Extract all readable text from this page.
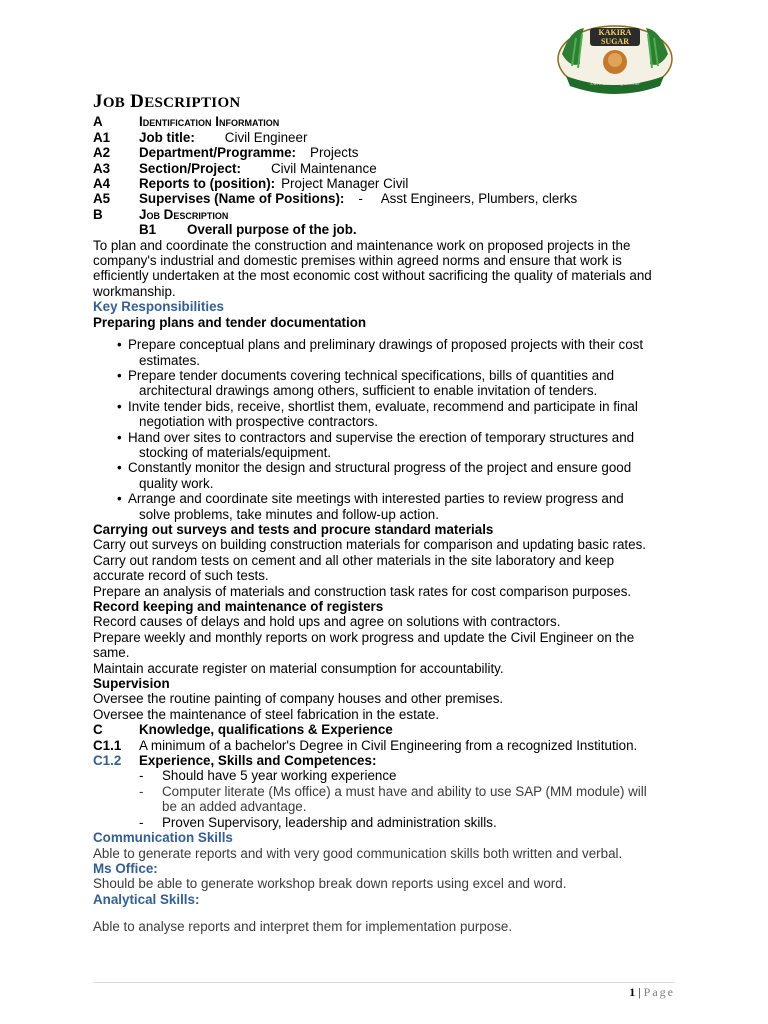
KAKIRA
SUGAR
There is Nothing Sweeter
JOB DESCRIPTION
A	Identification Information
A1	Job title: Civil Engineer
A2	Department/Programme: Projects
A3	Section/Project: Civil Maintenance
A4	Reports to (position): Project Manager Civil
A5	Supervises (Name of Positions): -     Asst Engineers, Plumbers, clerks
B	Job Description
B1	Overall purpose of the job.
To plan and coordinate the construction and maintenance work on proposed projects in the company's industrial and domestic premises within agreed norms and ensure that work is efficiently undertaken at the most economic cost without sacrificing the quality of materials and workmanship.
Key Responsibilities
Preparing plans and tender documentation
• Prepare conceptual plans and preliminary drawings of proposed projects with their cost
estimates.
• Prepare tender documents covering technical specifications, bills of quantities and
architectural drawings among others, sufficient to enable invitation of tenders.
• Invite tender bids, receive, shortlist them, evaluate, recommend and participate in final
negotiation with prospective contractors.
• Hand over sites to contractors and supervise the erection of temporary structures and
stocking of materials/equipment.
• Constantly monitor the design and structural progress of the project and ensure good
quality work.
• Arrange and coordinate site meetings with interested parties to review progress and
solve problems, take minutes and follow-up action.
Carrying out surveys and tests and procure standard materials
Carry out surveys on building construction materials for comparison and updating basic rates.
Carry out random tests on cement and all other materials in the site laboratory and keep accurate record of such tests.
Prepare an analysis of materials and construction task rates for cost comparison purposes.
Record keeping and maintenance of registers
Record causes of delays and hold ups and agree on solutions with contractors.
Prepare weekly and monthly reports on work progress and update the Civil Engineer on the same.
Maintain accurate register on material consumption for accountability.
Supervision
Oversee the routine painting of company houses and other premises.
Oversee the maintenance of steel fabrication in the estate.
C	Knowledge, qualifications & Experience
C1.1	A minimum of a bachelor's Degree in Civil Engineering from a recognized Institution.
C1.2	Experience, Skills and Competences:
- Should have 5 year working experience
- Computer literate (Ms office) a must have and ability to use SAP (MM module) will
be an added advantage.
- Proven Supervisory, leadership and administration skills.
Communication Skills
Able to generate reports and with very good communication skills both written and verbal.
Ms Office:
Should be able to generate workshop break down reports using excel and word.
Analytical Skills:
Able to analyse reports and interpret them for implementation purpose.
1 | Page
